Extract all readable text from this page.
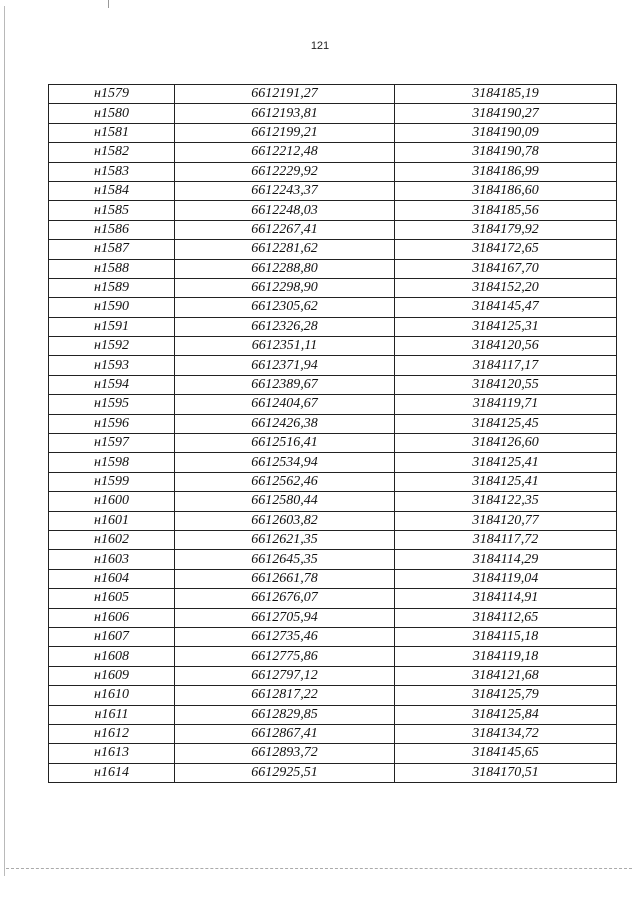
121
н1579	6612191,27	3184185,19
н1580	6612193,81	3184190,27
н1581	6612199,21	3184190,09
н1582	6612212,48	3184190,78
н1583	6612229,92	3184186,99
н1584	6612243,37	3184186,60
н1585	6612248,03	3184185,56
н1586	6612267,41	3184179,92
н1587	6612281,62	3184172,65
н1588	6612288,80	3184167,70
н1589	6612298,90	3184152,20
н1590	6612305,62	3184145,47
н1591	6612326,28	3184125,31
н1592	6612351,11	3184120,56
н1593	6612371,94	3184117,17
н1594	6612389,67	3184120,55
н1595	6612404,67	3184119,71
н1596	6612426,38	3184125,45
н1597	6612516,41	3184126,60
н1598	6612534,94	3184125,41
н1599	6612562,46	3184125,41
н1600	6612580,44	3184122,35
н1601	6612603,82	3184120,77
н1602	6612621,35	3184117,72
н1603	6612645,35	3184114,29
н1604	6612661,78	3184119,04
н1605	6612676,07	3184114,91
н1606	6612705,94	3184112,65
н1607	6612735,46	3184115,18
н1608	6612775,86	3184119,18
н1609	6612797,12	3184121,68
н1610	6612817,22	3184125,79
н1611	6612829,85	3184125,84
н1612	6612867,41	3184134,72
н1613	6612893,72	3184145,65
н1614	6612925,51	3184170,51
